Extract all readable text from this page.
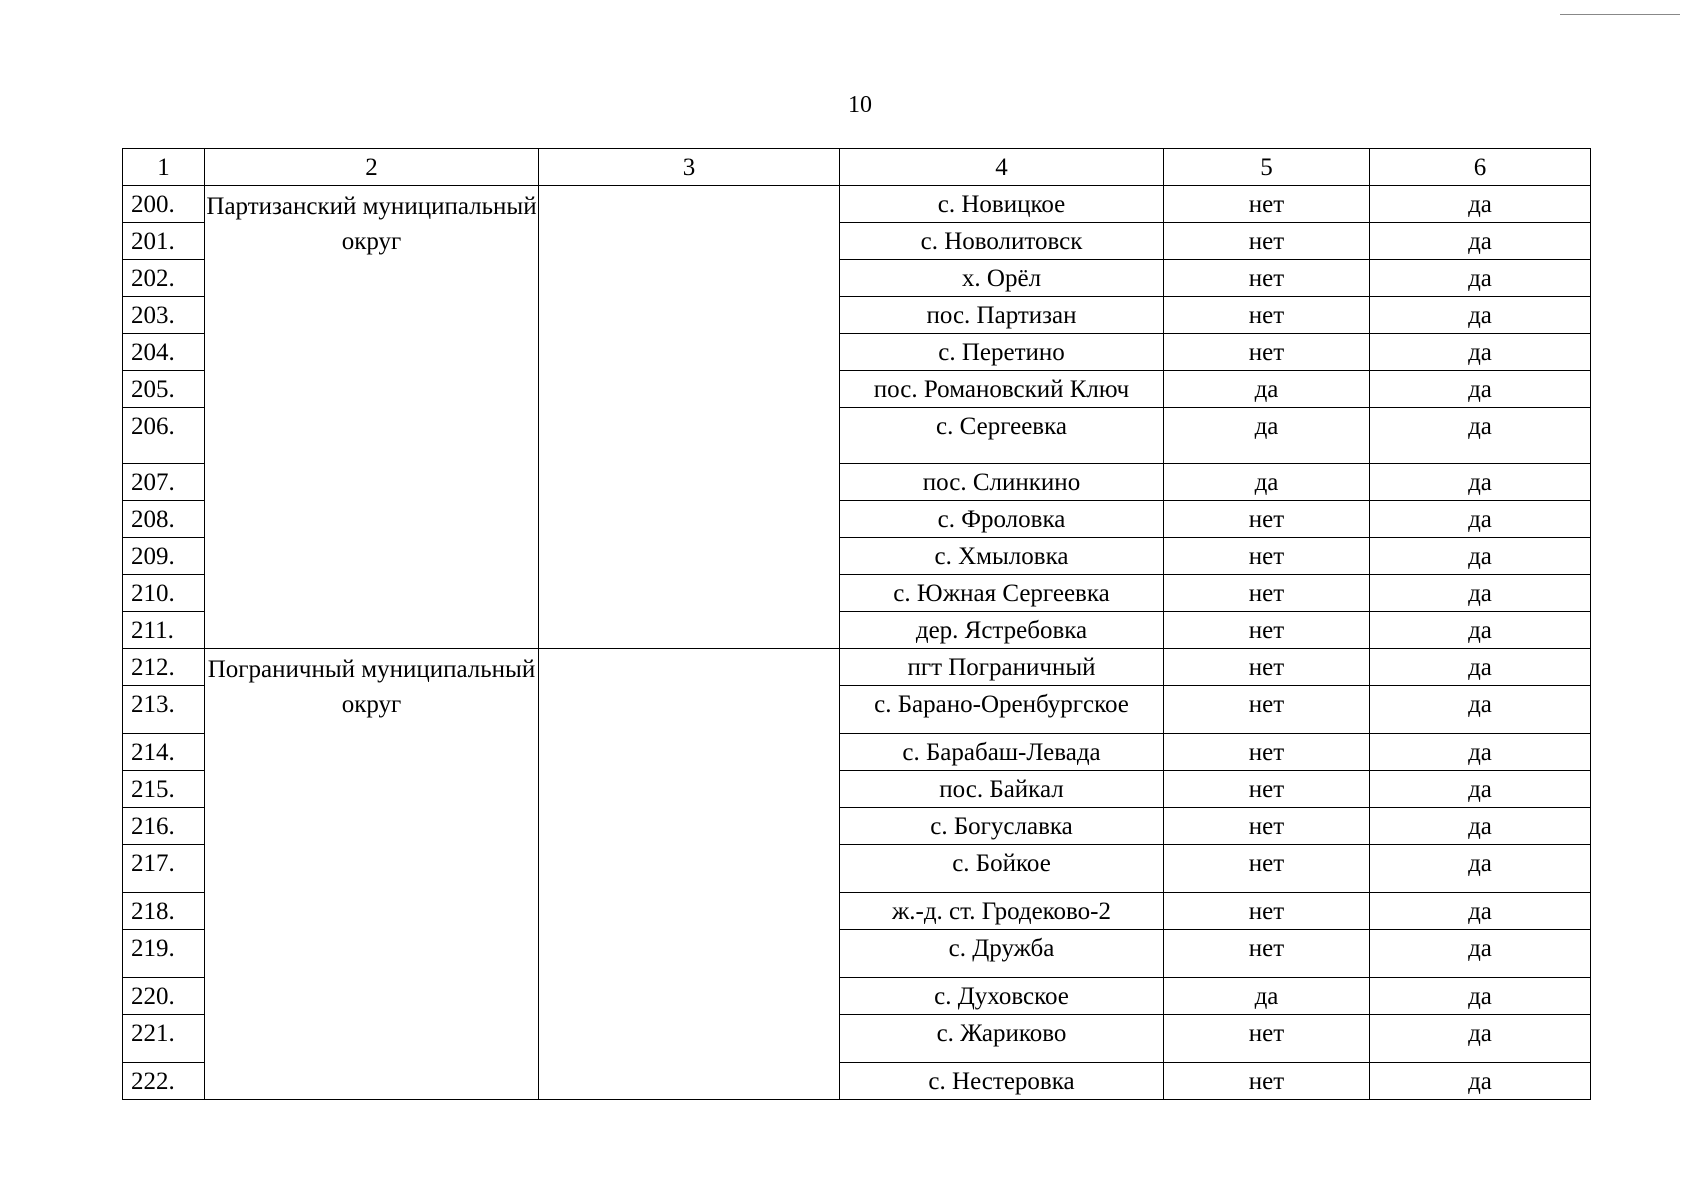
10
1	2	3	4	5	6
200.	Партизанский муниципальный округ		с. Новицкое	нет	да
201.			с. Новолитовск	нет	да
202.			х. Орёл	нет	да
203.			пос. Партизан	нет	да
204.			с. Перетино	нет	да
205.			пос. Романовский Ключ	да	да
206.			с. Сергеевка	да	да
207.			пос. Слинкино	да	да
208.			с. Фроловка	нет	да
209.			с. Хмыловка	нет	да
210.			с. Южная Сергеевка	нет	да
211.			дер. Ястребовка	нет	да
212.	Пограничный муниципальный округ		пгт Пограничный	нет	да
213.			с. Барано-Оренбургское	нет	да
214.			с. Барабаш-Левада	нет	да
215.			пос. Байкал	нет	да
216.			с. Богуславка	нет	да
217.			с. Бойкое	нет	да
218.			ж.-д. ст. Гродеково-2	нет	да
219.			с. Дружба	нет	да
220.			с. Духовское	да	да
221.			с. Жариково	нет	да
222.			с. Нестеровка	нет	да
